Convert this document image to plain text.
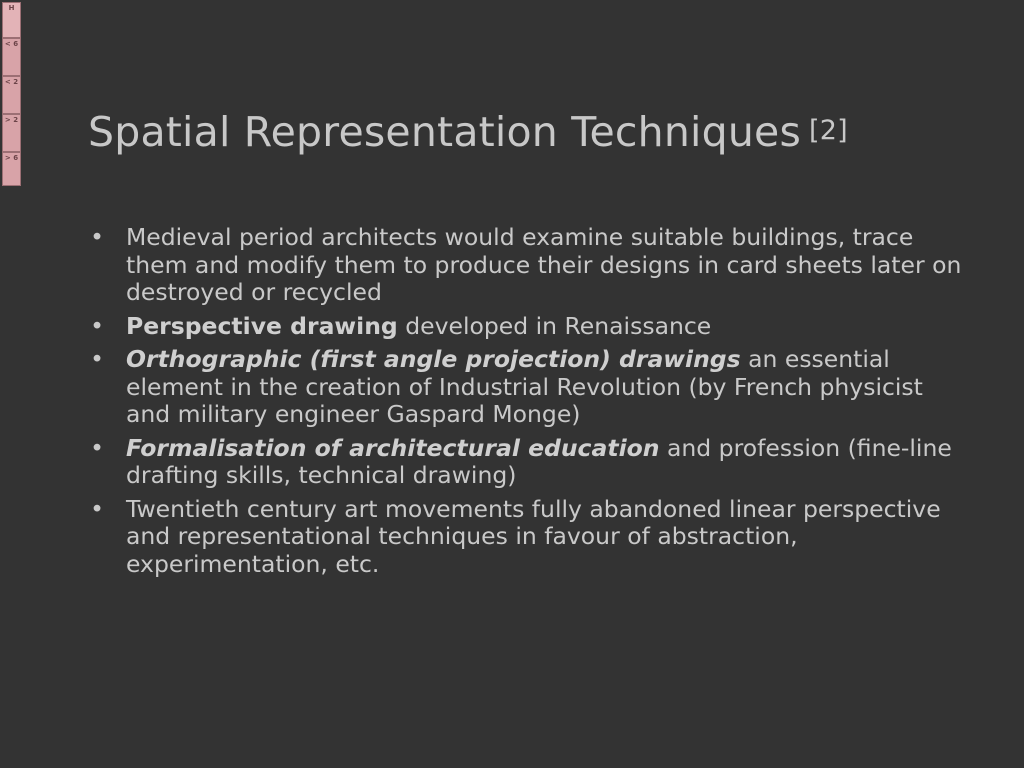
H
< 6
< 2
> 2
> 6
Spatial Representation Techniques [2]
• Medieval period architects would examine suitable buildings, trace them and modify them to produce their designs in card sheets later on destroyed or recycled
• Perspective drawing developed in Renaissance
• Orthographic (first angle projection) drawings an essential element in the creation of Industrial Revolution (by French physicist and military engineer Gaspard Monge)
• Formalisation of architectural education and profession (fine-line drafting skills, technical drawing)
• Twentieth century art movements fully abandoned linear perspective and representational techniques in favour of abstraction, experimentation, etc.
